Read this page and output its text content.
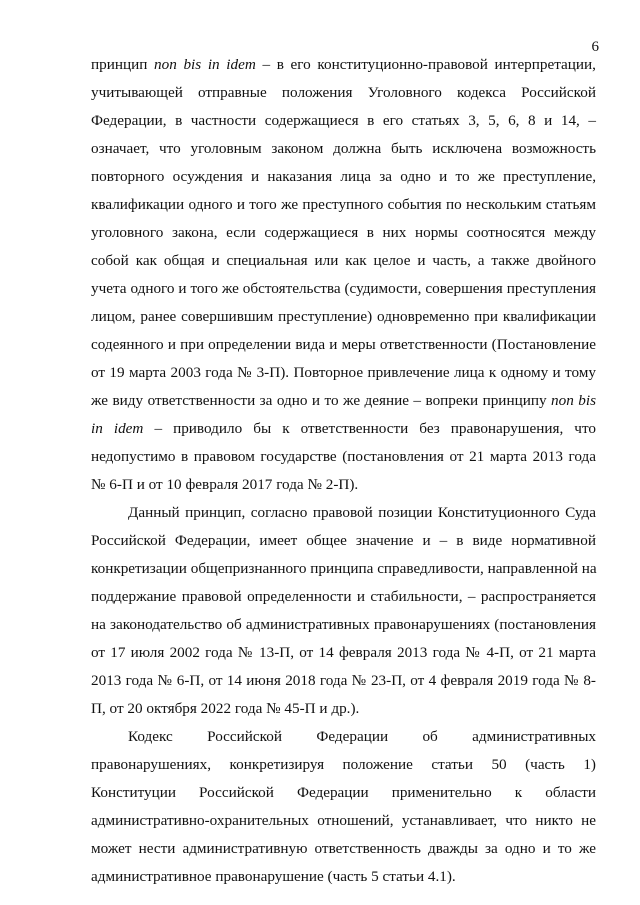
6
принцип non bis in idem – в его конституционно-правовой интерпретации,
учитывающей отправные положения Уголовного кодекса Российской
Федерации, в частности содержащиеся в его статьях 3, 5, 6, 8 и 14, –
означает, что уголовным законом должна быть исключена возможность
повторного осуждения и наказания лица за одно и то же преступление,
квалификации одного и того же преступного события по нескольким статьям
уголовного закона, если содержащиеся в них нормы соотносятся между
собой как общая и специальная или как целое и часть, а также двойного
учета одного и того же обстоятельства (судимости, совершения преступления
лицом, ранее совершившим преступление) одновременно при квалификации
содеянного и при определении вида и меры ответственности (Постановление
от 19 марта 2003 года № 3-П). Повторное привлечение лица к одному и тому
же виду ответственности за одно и то же деяние – вопреки принципу non bis
in idem – приводило бы к ответственности без правонарушения, что
недопустимо в правовом государстве (постановления от 21 марта 2013 года
№ 6-П и от 10 февраля 2017 года № 2-П).
Данный принцип, согласно правовой позиции Конституционного Суда
Российской Федерации, имеет общее значение и – в виде нормативной
конкретизации общепризнанного принципа справедливости, направленной на
поддержание правовой определенности и стабильности, – распространяется
на законодательство об административных правонарушениях (постановления
от 17 июля 2002 года № 13-П, от 14 февраля 2013 года № 4-П, от 21 марта
2013 года № 6-П, от 14 июня 2018 года № 23-П, от 4 февраля 2019 года № 8-
П, от 20 октября 2022 года № 45-П и др.).
Кодекс Российской Федерации об административных
правонарушениях, конкретизируя положение статьи 50 (часть 1)
Конституции Российской Федерации применительно к области
административно-охранительных отношений, устанавливает, что никто не
может нести административную ответственность дважды за одно и то же
административное правонарушение (часть 5 статьи 4.1).
